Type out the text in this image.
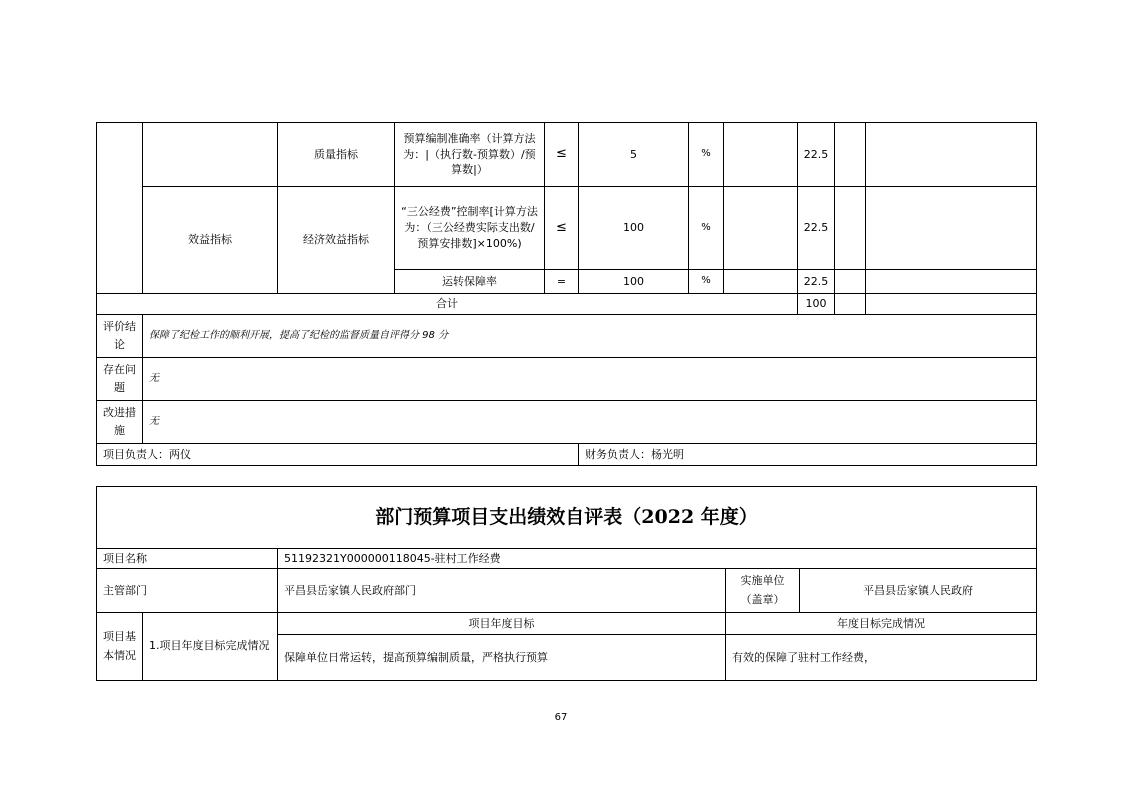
		质量指标	预算编制准确率（计算方法为：|（执行数-预算数）/预算数|）	≤	5	%		22.5		
	效益指标	经济效益指标	“三公经费”控制率[计算方法为：（三公经费实际支出数/预算安排数]×100%)	≤	100	%		22.5		
			运转保障率	=	100	%		22.5		
合计								100		
评价结论	保障了纪检工作的顺利开展，提高了纪检的监督质量自评得分 98 分									
存在问题	无									
改进措施	无									
项目负责人：两仪					财务负责人：杨光明					
部门预算项目支出绩效自评表（2022 年度）				
项目名称		51192321Y000000118045-驻村工作经费		
主管部门		平昌县岳家镇人民政府部门	实施单位（盖章）	平昌县岳家镇人民政府
项目基本情况	1.项目年度目标完成情况	项目年度目标	年度目标完成情况	
		保障单位日常运转，提高预算编制质量，严格执行预算	有效的保障了驻村工作经费，	
67
